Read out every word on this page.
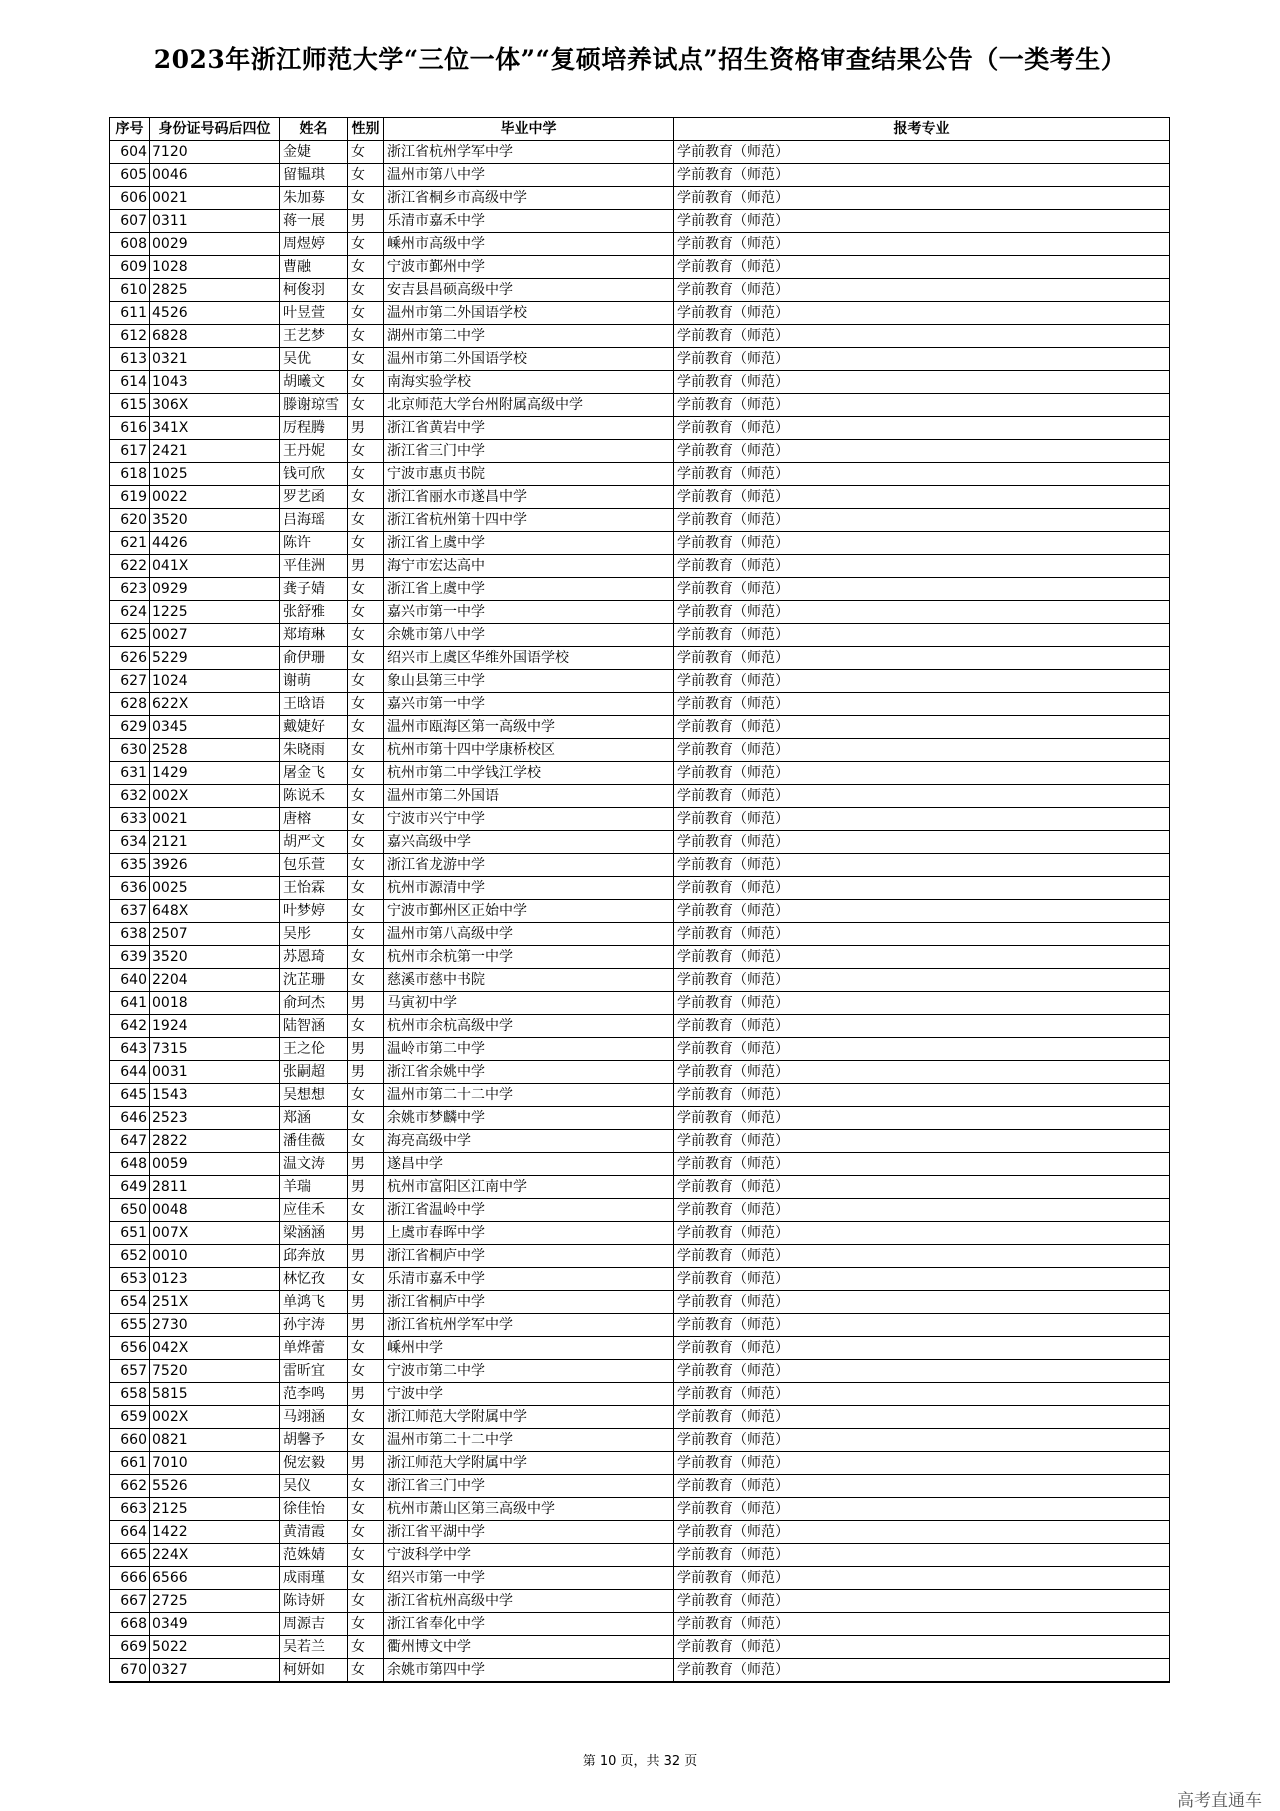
2023年浙江师范大学“三位一体”“复硕培养试点”招生资格审查结果公告（一类考生）
序号	身份证号码后四位	姓名	性别	毕业中学	报考专业
604	7120	金婕	女	浙江省杭州学军中学	学前教育（师范）
605	0046	留韫琪	女	温州市第八中学	学前教育（师范）
606	0021	朱加募	女	浙江省桐乡市高级中学	学前教育（师范）
607	0311	蒋一展	男	乐清市嘉禾中学	学前教育（师范）
608	0029	周煜婷	女	嵊州市高级中学	学前教育（师范）
609	1028	曹融	女	宁波市鄞州中学	学前教育（师范）
610	2825	柯俊羽	女	安吉县昌硕高级中学	学前教育（师范）
611	4526	叶昱萱	女	温州市第二外国语学校	学前教育（师范）
612	6828	王艺梦	女	湖州市第二中学	学前教育（师范）
613	0321	吴优	女	温州市第二外国语学校	学前教育（师范）
614	1043	胡曦文	女	南海实验学校	学前教育（师范）
615	306X	滕谢琼雪	女	北京师范大学台州附属高级中学	学前教育（师范）
616	341X	厉程腾	男	浙江省黄岩中学	学前教育（师范）
617	2421	王丹妮	女	浙江省三门中学	学前教育（师范）
618	1025	钱可欣	女	宁波市惠贞书院	学前教育（师范）
619	0022	罗艺函	女	浙江省丽水市遂昌中学	学前教育（师范）
620	3520	吕海瑶	女	浙江省杭州第十四中学	学前教育（师范）
621	4426	陈许	女	浙江省上虞中学	学前教育（师范）
622	041X	平佳洲	男	海宁市宏达高中	学前教育（师范）
623	0929	龚子婧	女	浙江省上虞中学	学前教育（师范）
624	1225	张舒雅	女	嘉兴市第一中学	学前教育（师范）
625	0027	郑堉琳	女	余姚市第八中学	学前教育（师范）
626	5229	俞伊珊	女	绍兴市上虞区华维外国语学校	学前教育（师范）
627	1024	谢萌	女	象山县第三中学	学前教育（师范）
628	622X	王晗语	女	嘉兴市第一中学	学前教育（师范）
629	0345	戴婕好	女	温州市瓯海区第一高级中学	学前教育（师范）
630	2528	朱晓雨	女	杭州市第十四中学康桥校区	学前教育（师范）
631	1429	屠金飞	女	杭州市第二中学钱江学校	学前教育（师范）
632	002X	陈说禾	女	温州市第二外国语	学前教育（师范）
633	0021	唐榕	女	宁波市兴宁中学	学前教育（师范）
634	2121	胡严文	女	嘉兴高级中学	学前教育（师范）
635	3926	包乐萱	女	浙江省龙游中学	学前教育（师范）
636	0025	王怡霖	女	杭州市源清中学	学前教育（师范）
637	648X	叶梦婷	女	宁波市鄞州区正始中学	学前教育（师范）
638	2507	吴彤	女	温州市第八高级中学	学前教育（师范）
639	3520	苏恩琦	女	杭州市余杭第一中学	学前教育（师范）
640	2204	沈芷珊	女	慈溪市慈中书院	学前教育（师范）
641	0018	俞珂杰	男	马寅初中学	学前教育（师范）
642	1924	陆智涵	女	杭州市余杭高级中学	学前教育（师范）
643	7315	王之伦	男	温岭市第二中学	学前教育（师范）
644	0031	张嗣超	男	浙江省余姚中学	学前教育（师范）
645	1543	吴想想	女	温州市第二十二中学	学前教育（师范）
646	2523	郑涵	女	余姚市梦麟中学	学前教育（师范）
647	2822	潘佳薇	女	海亮高级中学	学前教育（师范）
648	0059	温文涛	男	遂昌中学	学前教育（师范）
649	2811	羊瑞	男	杭州市富阳区江南中学	学前教育（师范）
650	0048	应佳禾	女	浙江省温岭中学	学前教育（师范）
651	007X	梁涵涵	男	上虞市春晖中学	学前教育（师范）
652	0010	邱奔放	男	浙江省桐庐中学	学前教育（师范）
653	0123	林忆孜	女	乐清市嘉禾中学	学前教育（师范）
654	251X	单鸿飞	男	浙江省桐庐中学	学前教育（师范）
655	2730	孙宇涛	男	浙江省杭州学军中学	学前教育（师范）
656	042X	单烨蕾	女	嵊州中学	学前教育（师范）
657	7520	雷昕宜	女	宁波市第二中学	学前教育（师范）
658	5815	范李鸣	男	宁波中学	学前教育（师范）
659	002X	马翊涵	女	浙江师范大学附属中学	学前教育（师范）
660	0821	胡馨予	女	温州市第二十二中学	学前教育（师范）
661	7010	倪宏毅	男	浙江师范大学附属中学	学前教育（师范）
662	5526	吴仪	女	浙江省三门中学	学前教育（师范）
663	2125	徐佳怡	女	杭州市萧山区第三高级中学	学前教育（师范）
664	1422	黄清霞	女	浙江省平湖中学	学前教育（师范）
665	224X	范姝婧	女	宁波科学中学	学前教育（师范）
666	6566	成雨瑾	女	绍兴市第一中学	学前教育（师范）
667	2725	陈诗妍	女	浙江省杭州高级中学	学前教育（师范）
668	0349	周源吉	女	浙江省奉化中学	学前教育（师范）
669	5022	吴若兰	女	衢州博文中学	学前教育（师范）
670	0327	柯妍如	女	余姚市第四中学	学前教育（师范）
第 10 页，共 32 页
高考直通车
